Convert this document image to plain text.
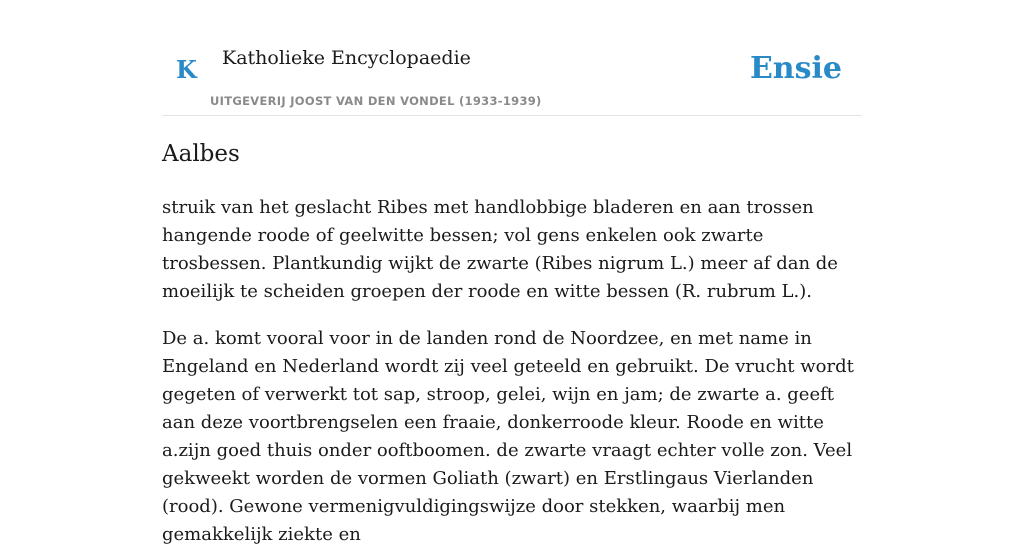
K Katholieke Encyclopaedie
UITGEVERIJ JOOST VAN DEN VONDEL (1933-1939)
Ensie
Aalbes

struik van het geslacht Ribes met handlobbige bladeren en aan trossen hangende roode of geelwitte bessen; vol gens enkelen ook zwarte trosbessen. Plantkundig wijkt de zwarte (Ribes nigrum L.) meer af dan de moeilijk te scheiden groepen der roode en witte bessen (R. rubrum L.).

De a. komt vooral voor in de landen rond de Noordzee, en met name in Engeland en Nederland wordt zij veel geteeld en gebruikt. De vrucht wordt gegeten of verwerkt tot sap, stroop, gelei, wijn en jam; de zwarte a. geeft aan deze voortbrengselen een fraaie, donkerroode kleur. Roode en witte a.zijn goed thuis onder ooftboomen. de zwarte vraagt echter volle zon. Veel gekweekt worden de vormen Goliath (zwart) en Erstlingaus Vierlanden (rood). Gewone vermenigvuldigingswijze door stekken, waarbij men gemakkelijk ziekte en
